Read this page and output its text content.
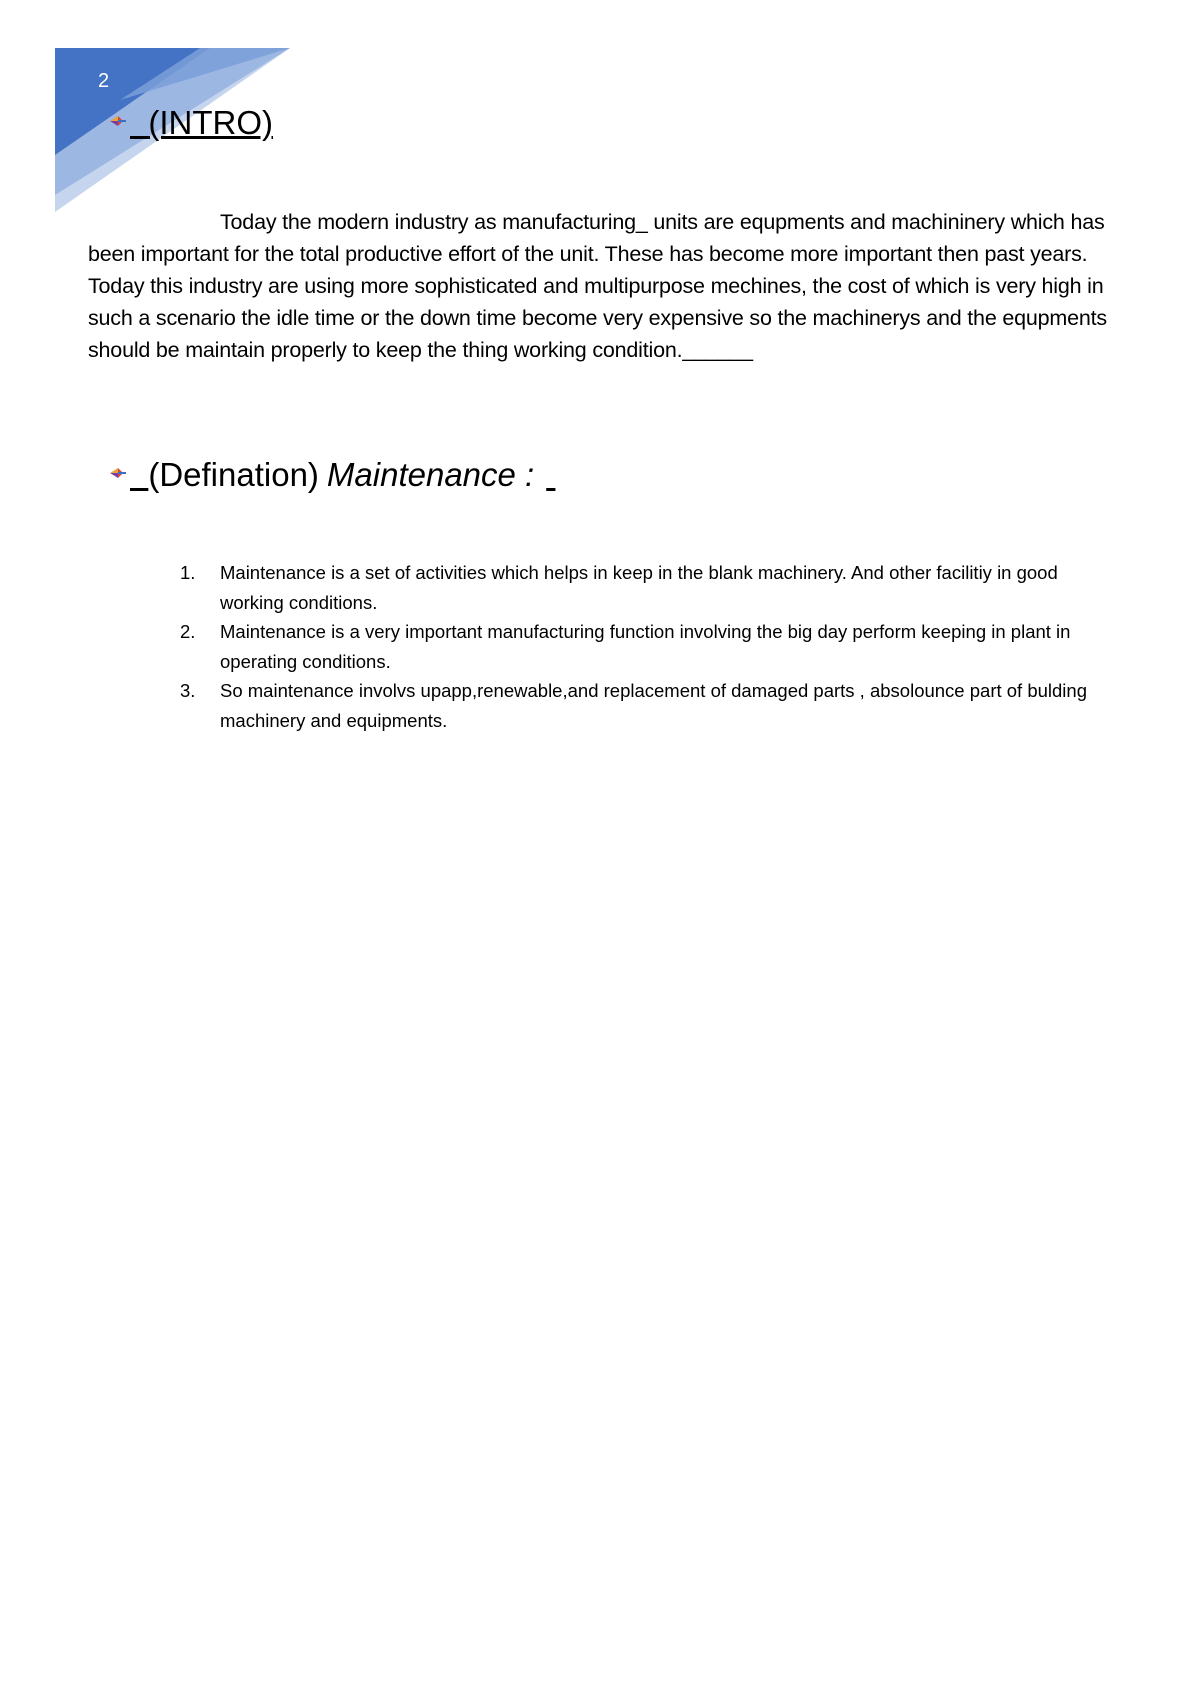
2

(INTRO)

Today the modern industry as manufacturing_ units are equpments and machininery which has been important for the total productive effort of the unit. These has become more important then past years. Today this industry are using more sophisticated and multipurpose mechines, the cost of which is very high in such a scenario the idle time or the down time become very expensive so the machinerys and the equpments should be maintain properly to keep the thing working condition.______

(Defination) Maintenance :

1. Maintenance is a set of activities which helps in keep in the blank machinery. And other facilitiy in good working conditions.
2. Maintenance is a very important manufacturing function involving the big day perform keeping in plant in operating conditions.
3. So maintenance involvs upapp,renewable,and replacement of damaged parts , absolounce part of bulding machinery and equipments.
